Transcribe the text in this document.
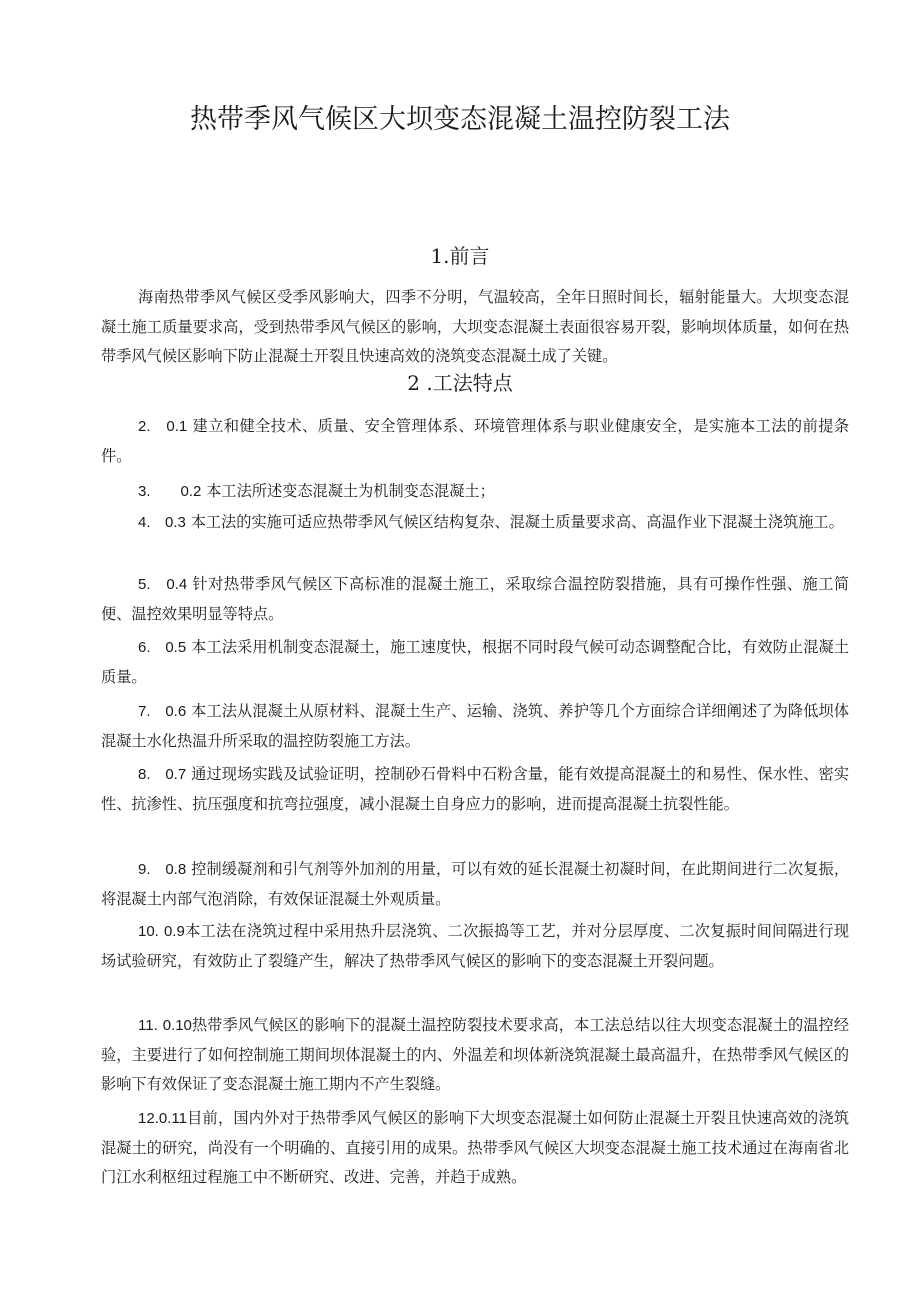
热带季风气候区大坝变态混凝土温控防裂工法
1.前言

海南热带季风气候区受季风影响大，四季不分明，气温较高，全年日照时间长，辐射能量大。大坝变态混凝土施工质量要求高，受到热带季风气候区的影响，大坝变态混凝土表面很容易开裂，影响坝体质量，如何在热带季风气候区影响下防止混凝土开裂且快速高效的浇筑变态混凝土成了关键。

2 .工法特点

2. 0.1 建立和健全技术、质量、安全管理体系、环境管理体系与职业健康安全，是实施本工法的前提条件。

3. 0.2 本工法所述变态混凝土为机制变态混凝土；

4. 0.3 本工法的实施可适应热带季风气候区结构复杂、混凝土质量要求高、高温作业下混凝土浇筑施工。

5. 0.4 针对热带季风气候区下高标准的混凝土施工，采取综合温控防裂措施，具有可操作性强、施工简便、温控效果明显等特点。

6. 0.5 本工法采用机制变态混凝土，施工速度快，根据不同时段气候可动态调整配合比，有效防止混凝土质量。

7. 0.6 本工法从混凝土从原材料、混凝土生产、运输、浇筑、养护等几个方面综合详细阐述了为降低坝体混凝土水化热温升所采取的温控防裂施工方法。

8. 0.7 通过现场实践及试验证明，控制砂石骨料中石粉含量，能有效提高混凝土的和易性、保水性、密实性、抗渗性、抗压强度和抗弯拉强度，减小混凝土自身应力的影响，进而提高混凝土抗裂性能。

9. 0.8 控制缓凝剂和引气剂等外加剂的用量，可以有效的延长混凝土初凝时间，在此期间进行二次复振，将混凝土内部气泡消除，有效保证混凝土外观质量。

10. 0.9本工法在浇筑过程中采用热升层浇筑、二次振捣等工艺，并对分层厚度、二次复振时间间隔进行现场试验研究，有效防止了裂缝产生，解决了热带季风气候区的影响下的变态混凝土开裂问题。

11. 0.10热带季风气候区的影响下的混凝土温控防裂技术要求高，本工法总结以往大坝变态混凝土的温控经验，主要进行了如何控制施工期间坝体混凝土的内、外温差和坝体新浇筑混凝土最高温升，在热带季风气候区的影响下有效保证了变态混凝土施工期内不产生裂缝。

12.0.11目前，国内外对于热带季风气候区的影响下大坝变态混凝土如何防止混凝土开裂且快速高效的浇筑混凝土的研究，尚没有一个明确的、直接引用的成果。热带季风气候区大坝变态混凝土施工技术通过在海南省北门江水利枢纽过程施工中不断研究、改进、完善，并趋于成熟。
